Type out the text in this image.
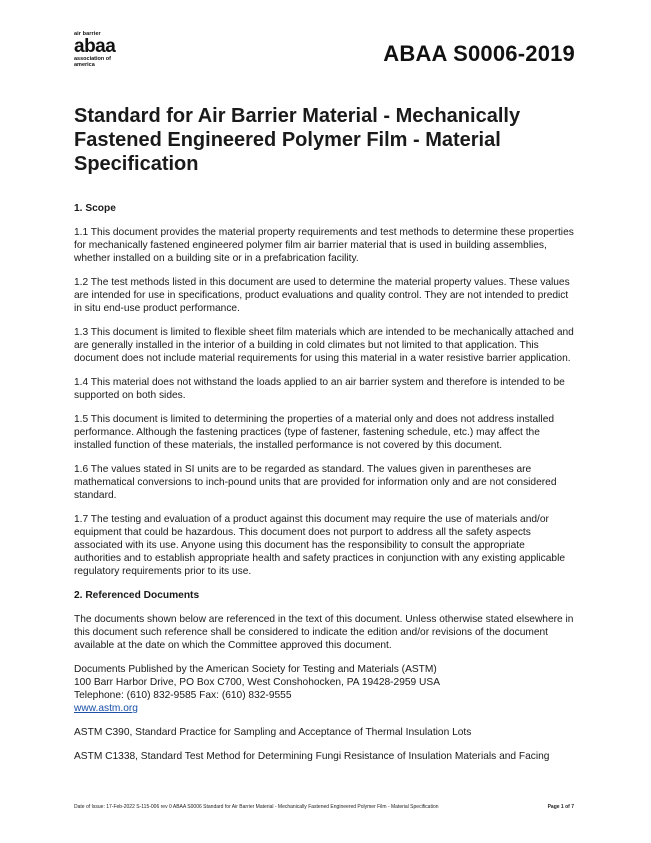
air barrier
abaa
association of
america	ABAA S0006-2019
Standard for Air Barrier Material - Mechanically Fastened Engineered Polymer Film - Material Specification
1. Scope

1.1 This document provides the material property requirements and test methods to determine these properties for mechanically fastened engineered polymer film air barrier material that is used in building assemblies, whether installed on a building site or in a prefabrication facility.

1.2 The test methods listed in this document are used to determine the material property values. These values are intended for use in specifications, product evaluations and quality control. They are not intended to predict in situ end-use product performance.

1.3 This document is limited to flexible sheet film materials which are intended to be mechanically attached and are generally installed in the interior of a building in cold climates but not limited to that application. This document does not include material requirements for using this material in a water resistive barrier application.

1.4 This material does not withstand the loads applied to an air barrier system and therefore is intended to be supported on both sides.

1.5 This document is limited to determining the properties of a material only and does not address installed performance. Although the fastening practices (type of fastener, fastening schedule, etc.) may affect the installed function of these materials, the installed performance is not covered by this document.

1.6 The values stated in SI units are to be regarded as standard. The values given in parentheses are mathematical conversions to inch-pound units that are provided for information only and are not considered standard.

1.7 The testing and evaluation of a product against this document may require the use of materials and/or equipment that could be hazardous. This document does not purport to address all the safety aspects associated with its use. Anyone using this document has the responsibility to consult the appropriate authorities and to establish appropriate health and safety practices in conjunction with any existing applicable regulatory requirements prior to its use.

2. Referenced Documents

The documents shown below are referenced in the text of this document. Unless otherwise stated elsewhere in this document such reference shall be considered to indicate the edition and/or revisions of the document available at the date on which the Committee approved this document.

Documents Published by the American Society for Testing and Materials (ASTM)
100 Barr Harbor Drive, PO Box C700, West Conshohocken, PA 19428-2959 USA
Telephone: (610) 832-9585 Fax: (610) 832-9555
www.astm.org

ASTM C390, Standard Practice for Sampling and Acceptance of Thermal Insulation Lots

ASTM C1338, Standard Test Method for Determining Fungi Resistance of Insulation Materials and Facing

Date of Issue: 17-Feb-2022 S-115-006 rev 0 ABAA S0006 Standard for Air Barrier Material - Mechanically Fastened Engineered Polymer Film - Material Specification	Page 1 of 7
